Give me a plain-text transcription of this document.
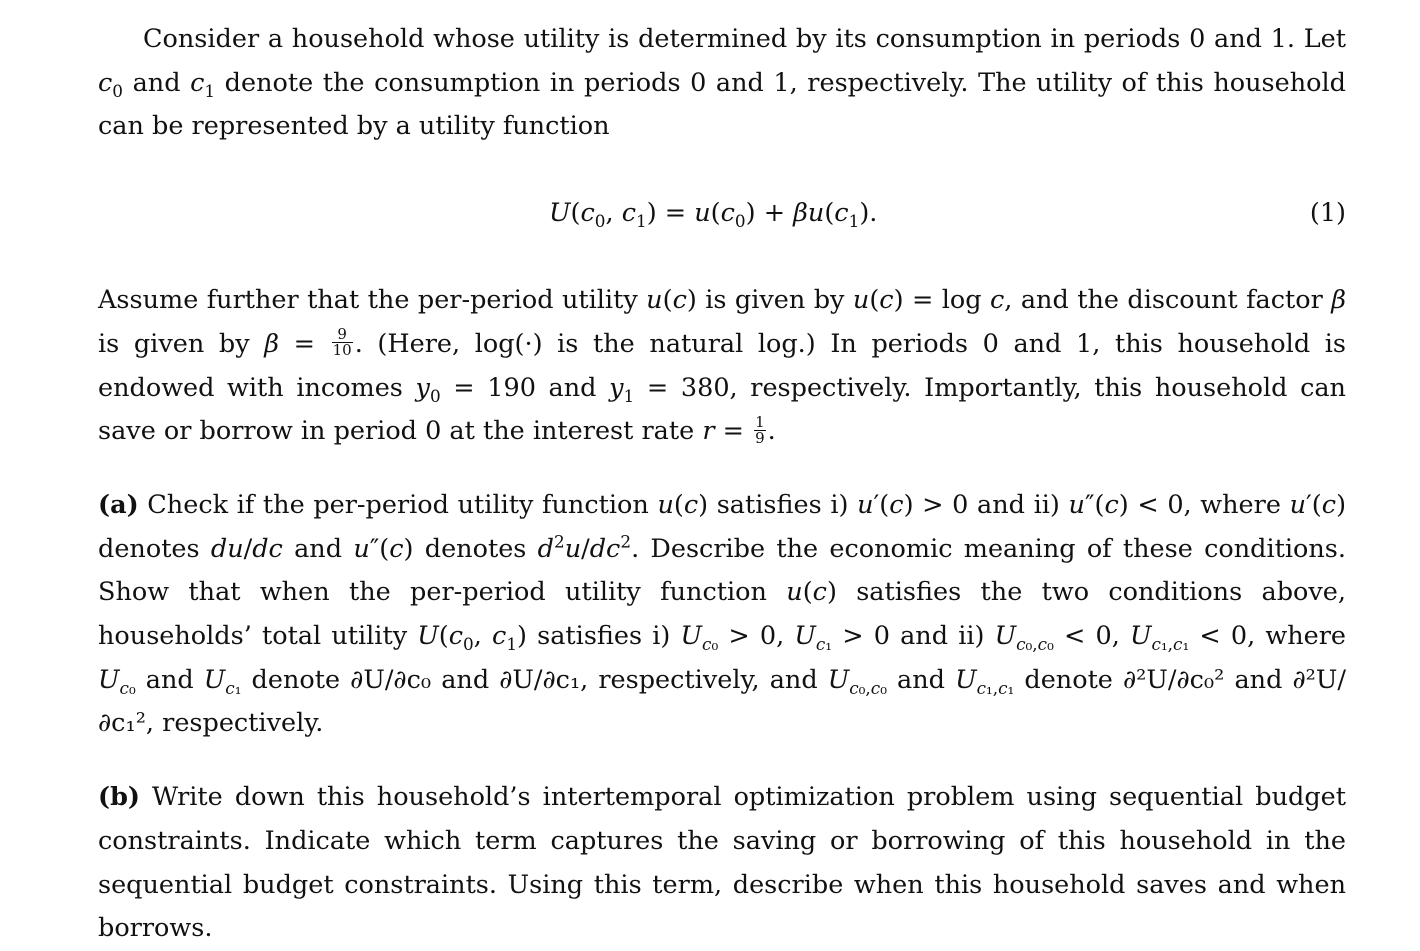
Consider a household whose utility is determined by its consumption in periods 0 and 1. Let $c_0$ and $c_1$ denote the consumption in periods 0 and 1, respectively. The utility of this household can be represented by a utility function

$U(c_0$, $c_1) = u(c_0) + \beta u(c_1)$.	(1)

Assume further that the per-period utility u(c) is given by u(c) = log c, and the discount factor β is given by $\beta = \frac{9}{10}$ . (Here, log(·) is the natural log.) In periods 0 and 1, this household is endowed with incomes $y_0 = 190$ and $y_1 = 380$, respectively. Importantly, this household can save or borrow in period 0 at the interest rate $r = \frac{1}{9}$ .

(a) Check if the per-period utility function u(c) satisfies i) u′(c) > 0 and ii) u″(c) < 0, where u′(c) denotes du/dc and u″(c) denotes $d^2u/dc^2$. Describe the economic meaning of these conditions. Show that when the per-period utility function u(c) satisfies the two conditions above, households’ total utility $U(c_0$, $c_1$) satisfies i) $U_{c_0} > 0$, $U_{c_1} > 0$ and ii) $U_{c_0,c_0} < 0$, $U_{c_1,c_1} < 0$, where $U_{c_0}$ and $U_{c_1}$ denote ∂U/∂c₀ and ∂U/∂c₁, respectively, and $U_{c_0,c_0}$ and $U_{c_1,c_1}$ denote ∂²U/∂c₀² and ∂²U/∂c₁², respectively.

(b) Write down this household’s intertemporal optimization problem using sequential budget constraints. Indicate which term captures the saving or borrowing of this household in the sequential budget constraints. Using this term, describe when this household saves and when borrows.
